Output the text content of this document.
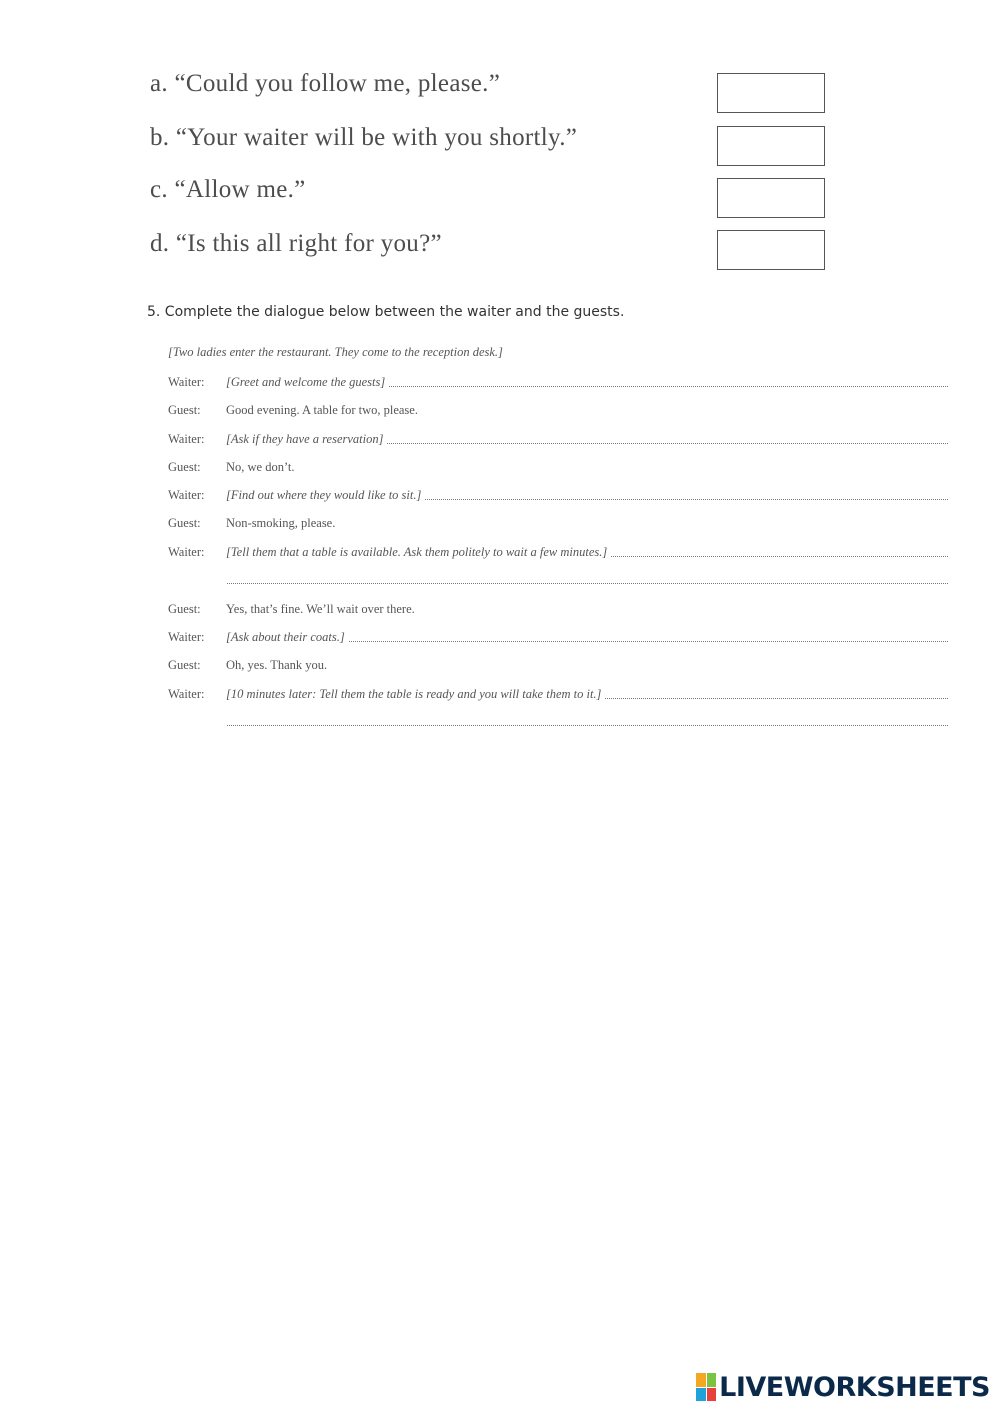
a. “Could you follow me, please.”
b. “Your waiter will be with you shortly.”
c. “Allow me.”
d. “Is this all right for you?”
5. Complete the dialogue below between the waiter and the guests.
[Two ladies enter the restaurant. They come to the reception desk.]
Waiter:	[Greet and welcome the guests]
Guest:	Good evening. A table for two, please.
Waiter:	[Ask if they have a reservation]
Guest:	No, we don’t.
Waiter:	[Find out where they would like to sit.]
Guest:	Non-smoking, please.
Waiter:	[Tell them that a table is available. Ask them politely to wait a few minutes.]
Guest:	Yes, that’s fine. We’ll wait over there.
Waiter:	[Ask about their coats.]
Guest:	Oh, yes. Thank you.
Waiter:	[10 minutes later: Tell them the table is ready and you will take them to it.]
LIVEWORKSHEETS
